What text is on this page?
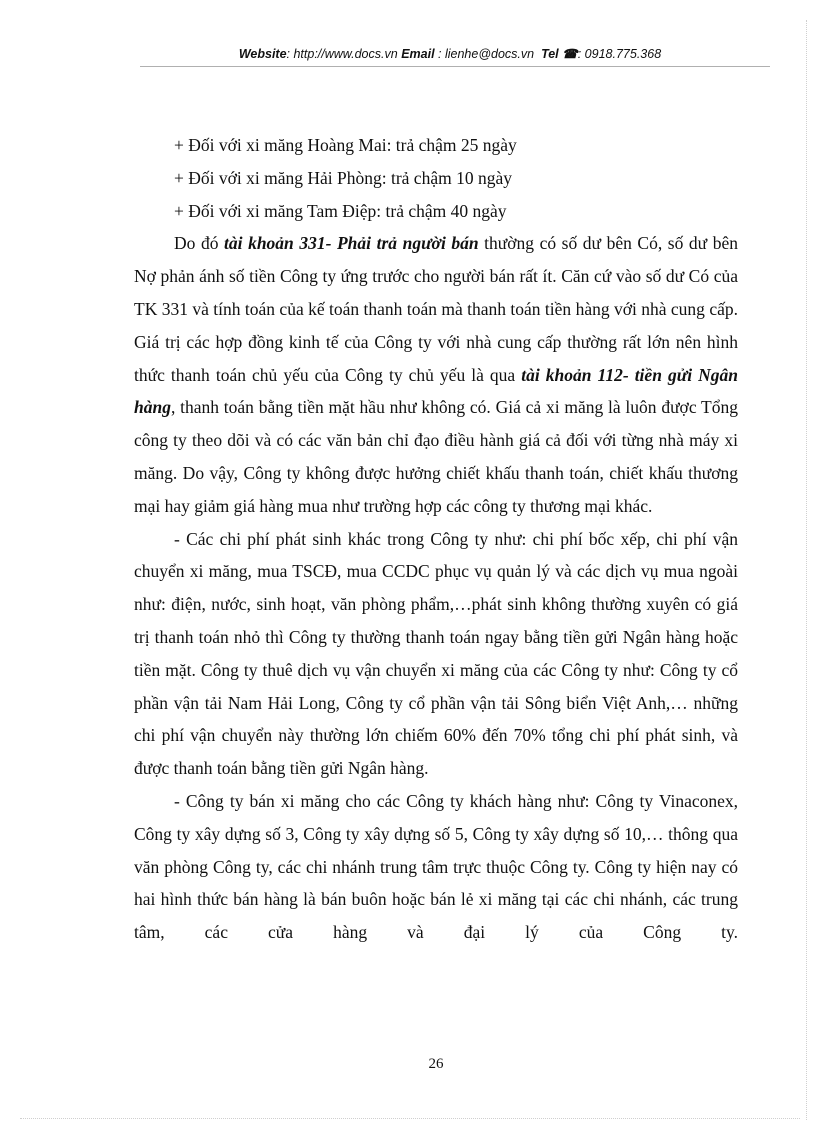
Website: http://www.docs.vn Email : lienhe@docs.vn Tel ☎: 0918.775.368

+ Đối với xi măng Hoàng Mai: trả chậm 25 ngày

+ Đối với xi măng Hải Phòng: trả chậm 10 ngày

+ Đối với xi măng Tam Điệp: trả chậm 40 ngày

Do đó tài khoản 331- Phải trả người bán thường có số dư bên Có, số dư bên Nợ phản ánh số tiền Công ty ứng trước cho người bán rất ít. Căn cứ vào số dư Có của TK 331 và tính toán của kế toán thanh toán mà thanh toán tiền hàng với nhà cung cấp. Giá trị các hợp đồng kinh tế của Công ty với nhà cung cấp thường rất lớn nên hình thức thanh toán chủ yếu của Công ty chủ yếu là qua tài khoản 112- tiền gửi Ngân hàng, thanh toán bằng tiền mặt hầu như không có. Giá cả xi măng là luôn được Tổng công ty theo dõi và có các văn bản chỉ đạo điều hành giá cả đối với từng nhà máy xi măng. Do vậy, Công ty không được hưởng chiết khấu thanh toán, chiết khấu thương mại hay giảm giá hàng mua như trường hợp các công ty thương mại khác.

- Các chi phí phát sinh khác trong Công ty như: chi phí bốc xếp, chi phí vận chuyển xi măng, mua TSCĐ, mua CCDC phục vụ quản lý và các dịch vụ mua ngoài như: điện, nước, sinh hoạt, văn phòng phẩm,…phát sinh không thường xuyên có giá trị thanh toán nhỏ thì Công ty thường thanh toán ngay bằng tiền gửi Ngân hàng hoặc tiền mặt. Công ty thuê dịch vụ vận chuyển xi măng của các Công ty như: Công ty cổ phần vận tải Nam Hải Long, Công ty cổ phần vận tải Sông biển Việt Anh,… những chi phí vận chuyển này thường lớn chiếm 60% đến 70% tổng chi phí phát sinh, và được thanh toán bằng tiền gửi Ngân hàng.

- Công ty bán xi măng cho các Công ty khách hàng như: Công ty Vinaconex, Công ty xây dựng số 3, Công ty xây dựng số 5, Công ty xây dựng số 10,… thông qua văn phòng Công ty, các chi nhánh trung tâm trực thuộc Công ty. Công ty hiện nay có hai hình thức bán hàng là bán buôn hoặc bán lẻ xi măng tại các chi nhánh, các trung tâm, các cửa hàng và đại lý của Công ty.

26
